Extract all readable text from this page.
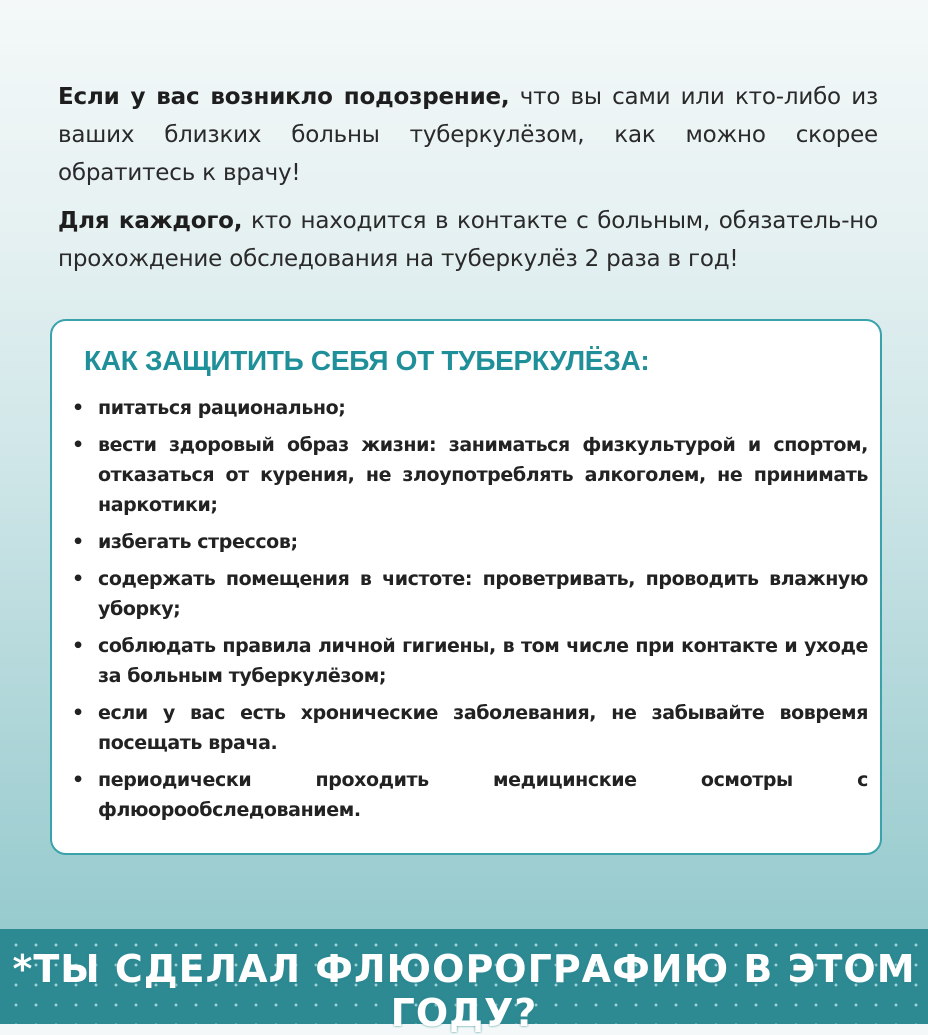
Если у вас возникло подозрение, что вы сами или кто-либо из ваших близких больны туберкулёзом, как можно скорее обратитесь к врачу!

Для каждого, кто находится в контакте с больным, обязатель-но прохождение обследования на туберкулёз 2 раза в год!

КАК ЗАЩИТИТЬ СЕБЯ ОТ ТУБЕРКУЛЁЗА:
• питаться рационально;
• вести здоровый образ жизни: заниматься физкультурой и спортом, отказаться от курения, не злоупотреблять алкоголем, не принимать наркотики;
• избегать стрессов;
• содержать помещения в чистоте: проветривать, проводить влажную уборку;
• соблюдать правила личной гигиены, в том числе при контакте и уходе за больным туберкулёзом;
• если у вас есть хронические заболевания, не забывайте вовремя посещать врача.
• периодически проходить медицинские осмотры с флюорообследованием.
*ТЫ СДЕЛАЛ ФЛЮОРОГРАФИЮ В ЭТОМ ГОДУ?
